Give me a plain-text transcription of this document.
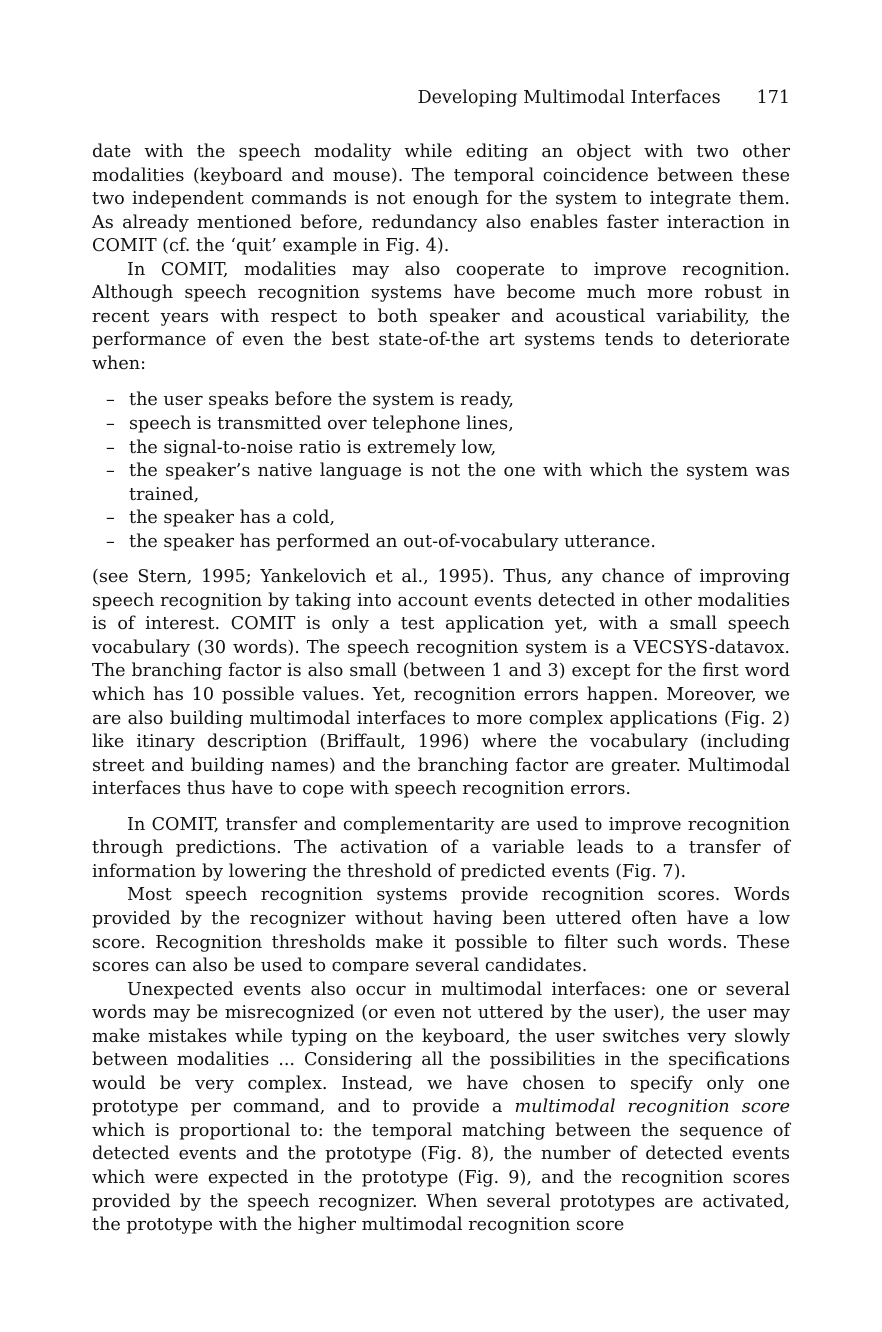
Developing Multimodal Interfaces 171

date with the speech modality while editing an object with two other modalities (keyboard and mouse). The temporal coincidence between these two independent commands is not enough for the system to integrate them. As already mentioned before, redundancy also enables faster interaction in COMIT (cf. the ‘quit’ example in Fig. 4).

In COMIT, modalities may also cooperate to improve recognition. Although speech recognition systems have become much more robust in recent years with respect to both speaker and acoustical variability, the performance of even the best state-of-the art systems tends to deteriorate when:

– the user speaks before the system is ready,
– speech is transmitted over telephone lines,
– the signal-to-noise ratio is extremely low,
– the speaker’s native language is not the one with which the system was trained,
– the speaker has a cold,
– the speaker has performed an out-of-vocabulary utterance.

(see Stern, 1995; Yankelovich et al., 1995). Thus, any chance of improving speech recognition by taking into account events detected in other modalities is of interest. COMIT is only a test application yet, with a small speech vocabulary (30 words). The speech recognition system is a VECSYS-datavox. The branching factor is also small (between 1 and 3) except for the first word which has 10 possible values. Yet, recognition errors happen. Moreover, we are also building multimodal interfaces to more complex applications (Fig. 2) like itinary description (Briffault, 1996) where the vocabulary (including street and building names) and the branching factor are greater. Multimodal interfaces thus have to cope with speech recognition errors.

In COMIT, transfer and complementarity are used to improve recognition through predictions. The activation of a variable leads to a transfer of information by lowering the threshold of predicted events (Fig. 7).

Most speech recognition systems provide recognition scores. Words provided by the recognizer without having been uttered often have a low score. Recognition thresholds make it possible to filter such words. These scores can also be used to compare several candidates.

Unexpected events also occur in multimodal interfaces: one or several words may be misrecognized (or even not uttered by the user), the user may make mistakes while typing on the keyboard, the user switches very slowly between modalities ... Considering all the possibilities in the specifications would be very complex. Instead, we have chosen to specify only one prototype per command, and to provide a multimodal recognition score which is proportional to: the temporal matching between the sequence of detected events and the prototype (Fig. 8), the number of detected events which were expected in the prototype (Fig. 9), and the recognition scores provided by the speech recognizer. When several prototypes are activated, the prototype with the higher multimodal recognition score
